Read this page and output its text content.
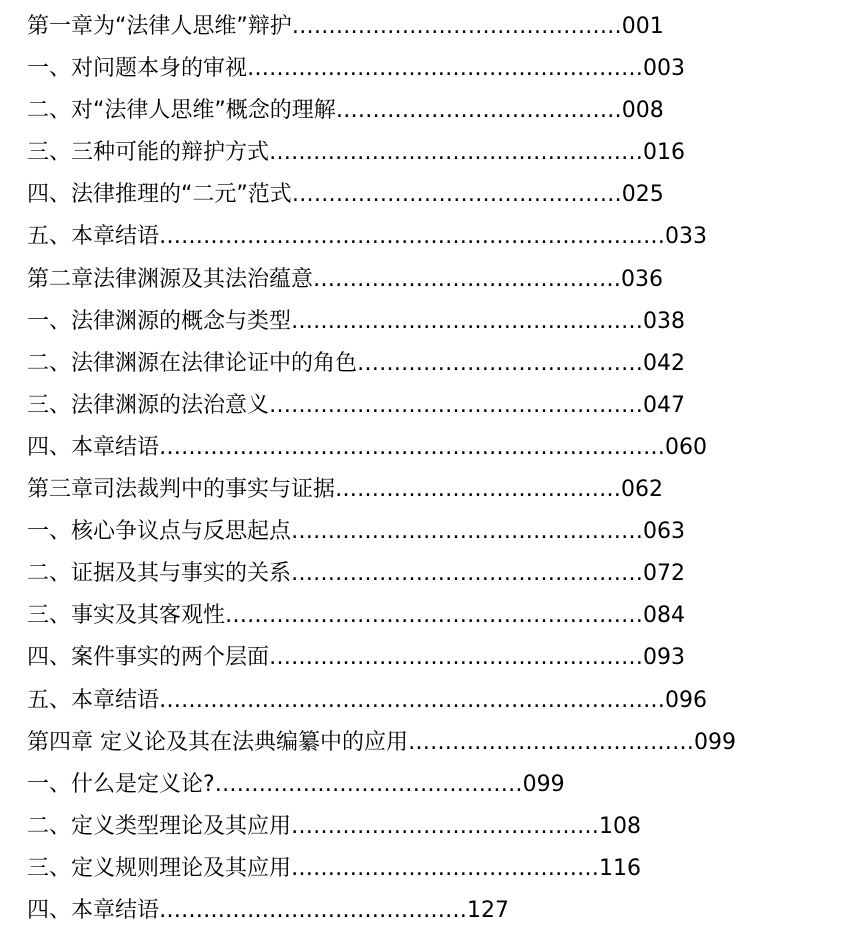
第一章为“法律人思维”辩护………………………………………001
一、对问题本身的审视………………………………………………003
二、对“法律人思维”概念的理解…………………………………008
三、三种可能的辩护方式……………………………………………016
四、法律推理的“二元”范式………………………………………025
五、本章结语……………………………………………………………033
第二章法律渊源及其法治蕴意……………………………………036
一、法律渊源的概念与类型…………………………………………038
二、法律渊源在法律论证中的角色…………………………………042
三、法律渊源的法治意义……………………………………………047
四、本章结语……………………………………………………………060
第三章司法裁判中的事实与证据…………………………………062
一、核心争议点与反思起点…………………………………………063
二、证据及其与事实的关系…………………………………………072
三、事实及其客观性…………………………………………………084
四、案件事实的两个层面……………………………………………093
五、本章结语……………………………………………………………096
第四章 定义论及其在法典编纂中的应用…………………………………099
一、什么是定义论?……………………………………099
二、定义类型理论及其应用……………………………………108
三、定义规则理论及其应用……………………………………116
四、本章结语……………………………………127
